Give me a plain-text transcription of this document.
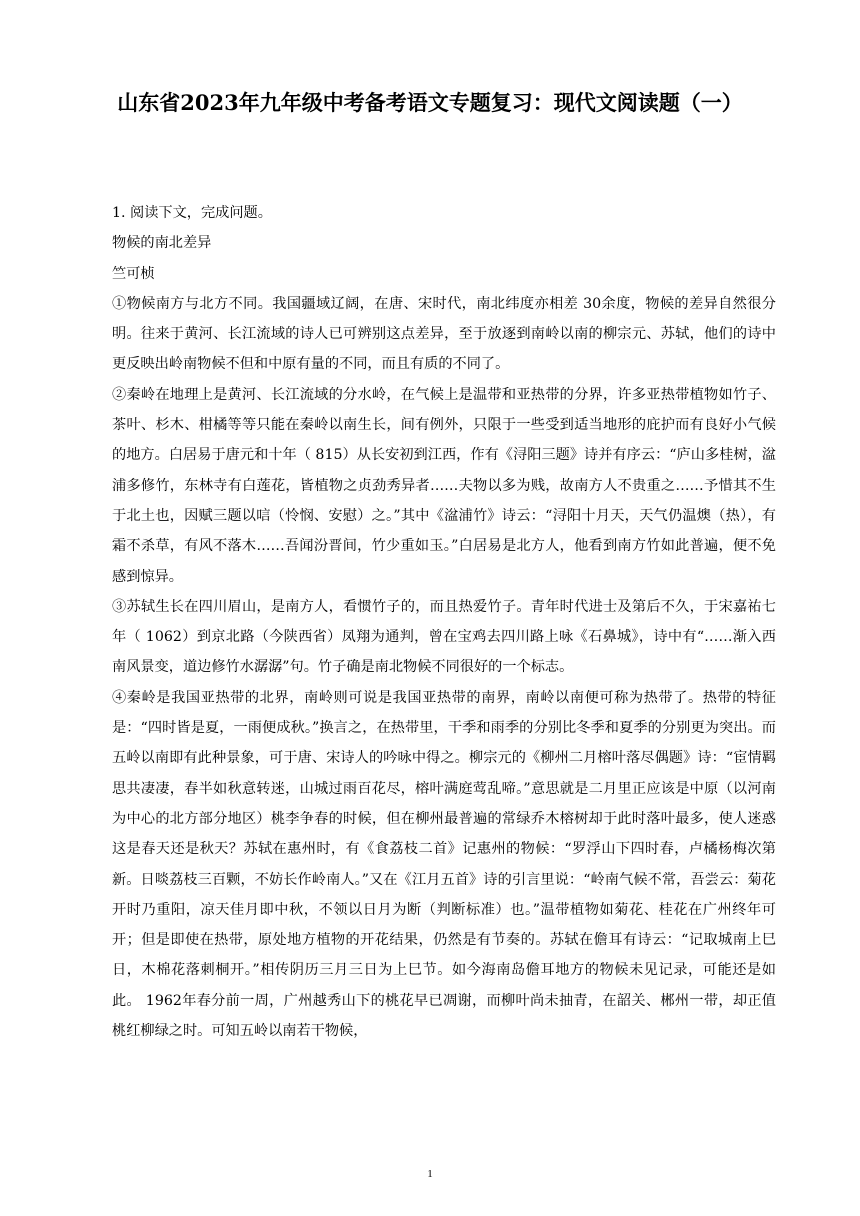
山东省2023年九年级中考备考语文专题复习：现代文阅读题（一）

1. 阅读下文，完成问题。

物候的南北差异

竺可桢

①物候南方与北方不同。我国疆域辽阔，在唐、宋时代，南北纬度亦相差 30余度，物候的差异自然很分明。往来于黄河、长江流域的诗人已可辨别这点差异，至于放逐到南岭以南的柳宗元、苏轼，他们的诗中更反映出岭南物候不但和中原有量的不同，而且有质的不同了。

②秦岭在地理上是黄河、长江流域的分水岭，在气候上是温带和亚热带的分界，许多亚热带植物如竹子、茶叶、杉木、柑橘等等只能在秦岭以南生长，间有例外，只限于一些受到适当地形的庇护而有良好小气候的地方。白居易于唐元和十年（ 815）从长安初到江西，作有《浔阳三题》诗并有序云：“庐山多桂树，湓浦多修竹，东林寺有白莲花，皆植物之贞劲秀异者……夫物以多为贱，故南方人不贵重之……予惜其不生于北土也，因赋三题以唁（怜悯、安慰）之。”其中《湓浦竹》诗云：“浔阳十月天，天气仍温燠（热），有霜不杀草，有风不落木……吾闻汾晋间，竹少重如玉。”白居易是北方人，他看到南方竹如此普遍，便不免感到惊异。

③苏轼生长在四川眉山，是南方人，看惯竹子的，而且热爱竹子。青年时代进士及第后不久，于宋嘉祐七年（ 1062）到京北路（今陕西省）凤翔为通判，曾在宝鸡去四川路上咏《石鼻城》，诗中有“……渐入西南风景变，道边修竹水潺潺”句。竹子确是南北物候不同很好的一个标志。

④秦岭是我国亚热带的北界，南岭则可说是我国亚热带的南界，南岭以南便可称为热带了。热带的特征是：“四时皆是夏，一雨便成秋。”换言之，在热带里，干季和雨季的分别比冬季和夏季的分别更为突出。而五岭以南即有此种景象，可于唐、宋诗人的吟咏中得之。柳宗元的《柳州二月榕叶落尽偶题》诗：“宦情羁思共凄凄，春半如秋意转迷，山城过雨百花尽，榕叶满庭莺乱啼。”意思就是二月里正应该是中原（以河南为中心的北方部分地区）桃李争春的时候，但在柳州最普遍的常绿乔木榕树却于此时落叶最多，使人迷惑这是春天还是秋天？苏轼在惠州时，有《食荔枝二首》记惠州的物候：“罗浮山下四时春，卢橘杨梅次第新。日啖荔枝三百颗，不妨长作岭南人。”又在《江月五首》诗的引言里说：“岭南气候不常，吾尝云：菊花开时乃重阳，凉天佳月即中秋，不领以日月为断（判断标准）也。”温带植物如菊花、桂花在广州终年可开；但是即使在热带，原处地方植物的开花结果，仍然是有节奏的。苏轼在儋耳有诗云：“记取城南上巳日，木棉花落刺桐开。”相传阴历三月三日为上巳节。如今海南岛儋耳地方的物候未见记录，可能还是如此。 1962年春分前一周，广州越秀山下的桃花早已凋谢，而柳叶尚未抽青，在韶关、郴州一带，却正值桃红柳绿之时。可知五岭以南若干物候，

1
